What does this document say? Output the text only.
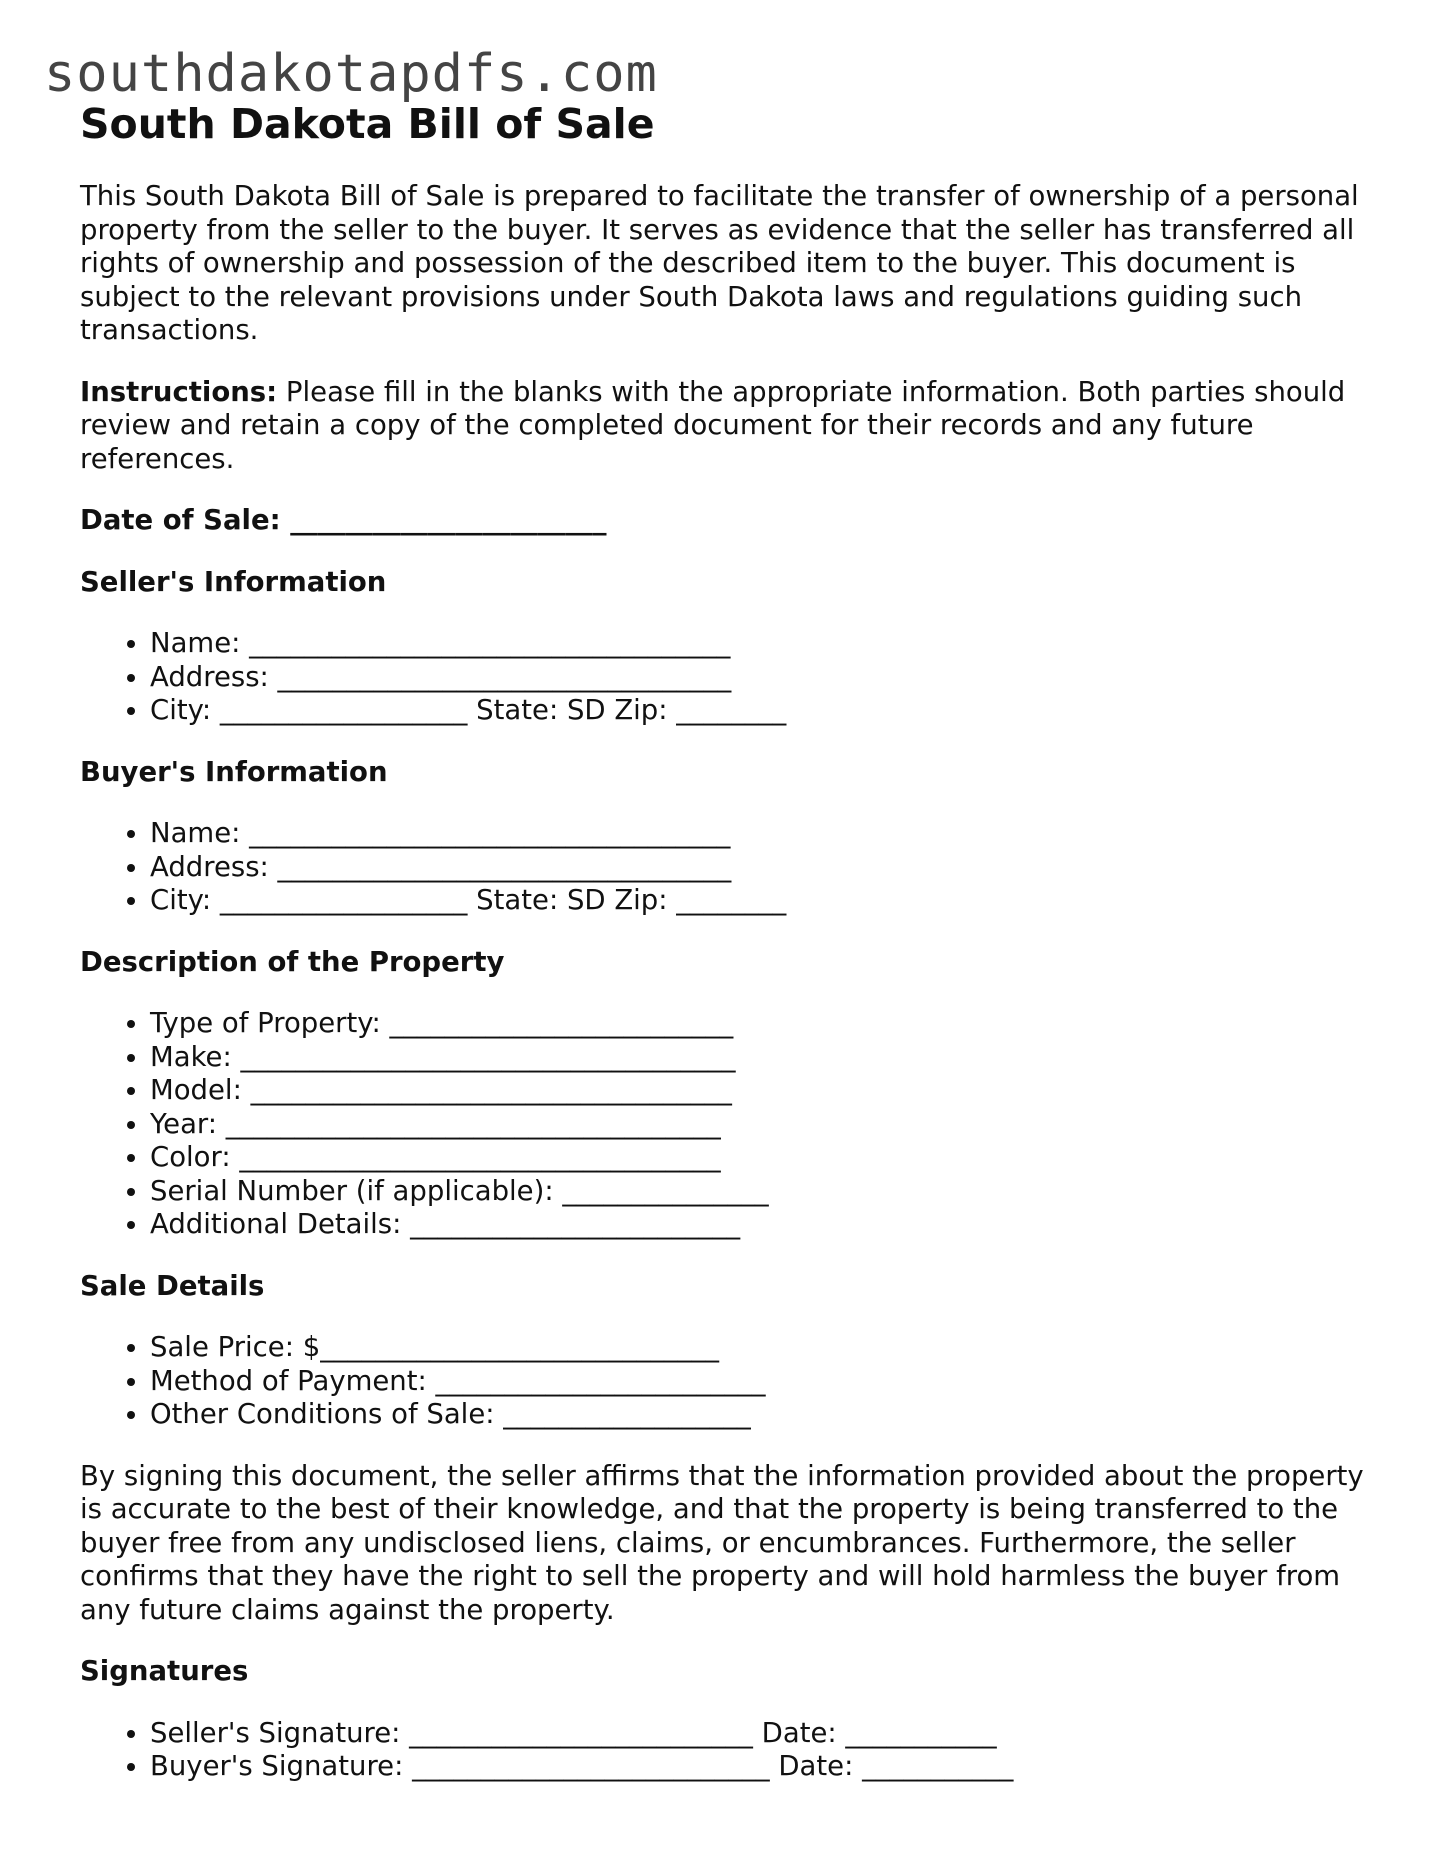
southdakotapdfs.com
South Dakota Bill of Sale

This South Dakota Bill of Sale is prepared to facilitate the transfer of ownership of a personal property from the seller to the buyer. It serves as evidence that the seller has transferred all rights of ownership and possession of the described item to the buyer. This document is subject to the relevant provisions under South Dakota laws and regulations guiding such transactions.

Instructions: Please fill in the blanks with the appropriate information. Both parties should review and retain a copy of the completed document for their records and any future references.

Date of Sale: _______________________

Seller's Information
• Name: ___________________________________
• Address: _________________________________
• City: __________________ State: SD Zip: ________
Buyer's Information
• Name: ___________________________________
• Address: _________________________________
• City: __________________ State: SD Zip: ________
Description of the Property
• Type of Property: _________________________
• Make: ____________________________________
• Model: ___________________________________
• Year: ____________________________________
• Color: ___________________________________
• Serial Number (if applicable): _______________
• Additional Details: ________________________
Sale Details
• Sale Price: $_____________________________
• Method of Payment: ________________________
• Other Conditions of Sale: __________________

By signing this document, the seller affirms that the information provided about the property is accurate to the best of their knowledge, and that the property is being transferred to the buyer free from any undisclosed liens, claims, or encumbrances. Furthermore, the seller confirms that they have the right to sell the property and will hold harmless the buyer from any future claims against the property.

Signatures
• Seller's Signature: _________________________ Date: ___________
• Buyer's Signature: __________________________ Date: ___________
